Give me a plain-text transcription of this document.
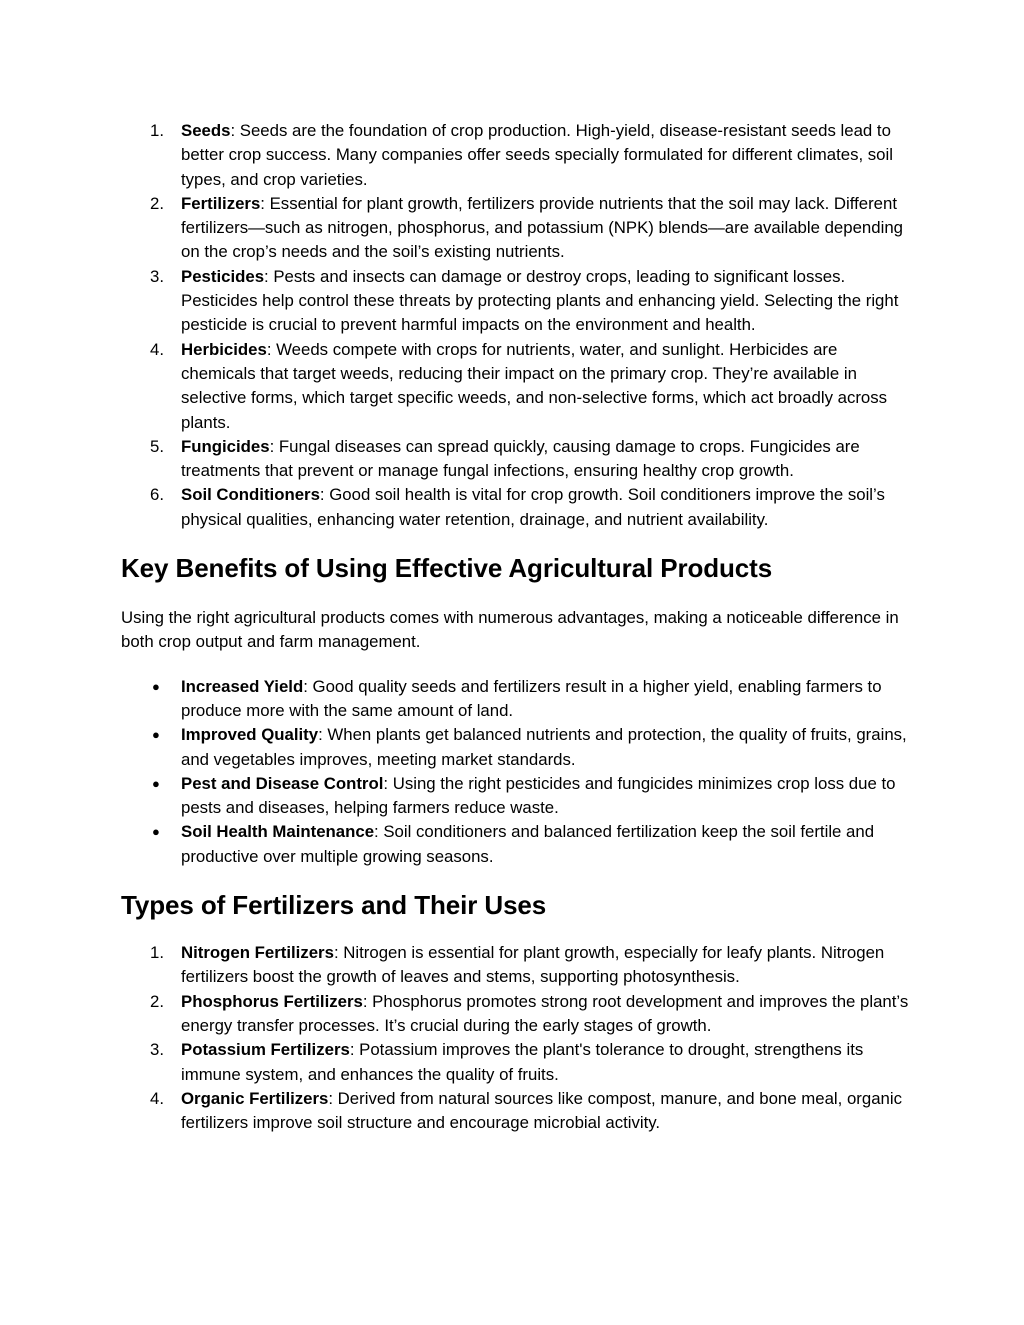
1. Seeds: Seeds are the foundation of crop production. High-yield, disease-resistant seeds lead to better crop success. Many companies offer seeds specially formulated for different climates, soil types, and crop varieties.
2. Fertilizers: Essential for plant growth, fertilizers provide nutrients that the soil may lack. Different fertilizers—such as nitrogen, phosphorus, and potassium (NPK) blends—are available depending on the crop’s needs and the soil’s existing nutrients.
3. Pesticides: Pests and insects can damage or destroy crops, leading to significant losses. Pesticides help control these threats by protecting plants and enhancing yield. Selecting the right pesticide is crucial to prevent harmful impacts on the environment and health.
4. Herbicides: Weeds compete with crops for nutrients, water, and sunlight. Herbicides are chemicals that target weeds, reducing their impact on the primary crop. They’re available in selective forms, which target specific weeds, and non-selective forms, which act broadly across plants.
5. Fungicides: Fungal diseases can spread quickly, causing damage to crops. Fungicides are treatments that prevent or manage fungal infections, ensuring healthy crop growth.
6. Soil Conditioners: Good soil health is vital for crop growth. Soil conditioners improve the soil’s physical qualities, enhancing water retention, drainage, and nutrient availability.
Key Benefits of Using Effective Agricultural Products

Using the right agricultural products comes with numerous advantages, making a noticeable difference in both crop output and farm management.

● Increased Yield: Good quality seeds and fertilizers result in a higher yield, enabling farmers to produce more with the same amount of land.
● Improved Quality: When plants get balanced nutrients and protection, the quality of fruits, grains, and vegetables improves, meeting market standards.
● Pest and Disease Control: Using the right pesticides and fungicides minimizes crop loss due to pests and diseases, helping farmers reduce waste.
● Soil Health Maintenance: Soil conditioners and balanced fertilization keep the soil fertile and productive over multiple growing seasons.
Types of Fertilizers and Their Uses
1. Nitrogen Fertilizers: Nitrogen is essential for plant growth, especially for leafy plants. Nitrogen fertilizers boost the growth of leaves and stems, supporting photosynthesis.
2. Phosphorus Fertilizers: Phosphorus promotes strong root development and improves the plant’s energy transfer processes. It’s crucial during the early stages of growth.
3. Potassium Fertilizers: Potassium improves the plant's tolerance to drought, strengthens its immune system, and enhances the quality of fruits.
4. Organic Fertilizers: Derived from natural sources like compost, manure, and bone meal, organic fertilizers improve soil structure and encourage microbial activity.
